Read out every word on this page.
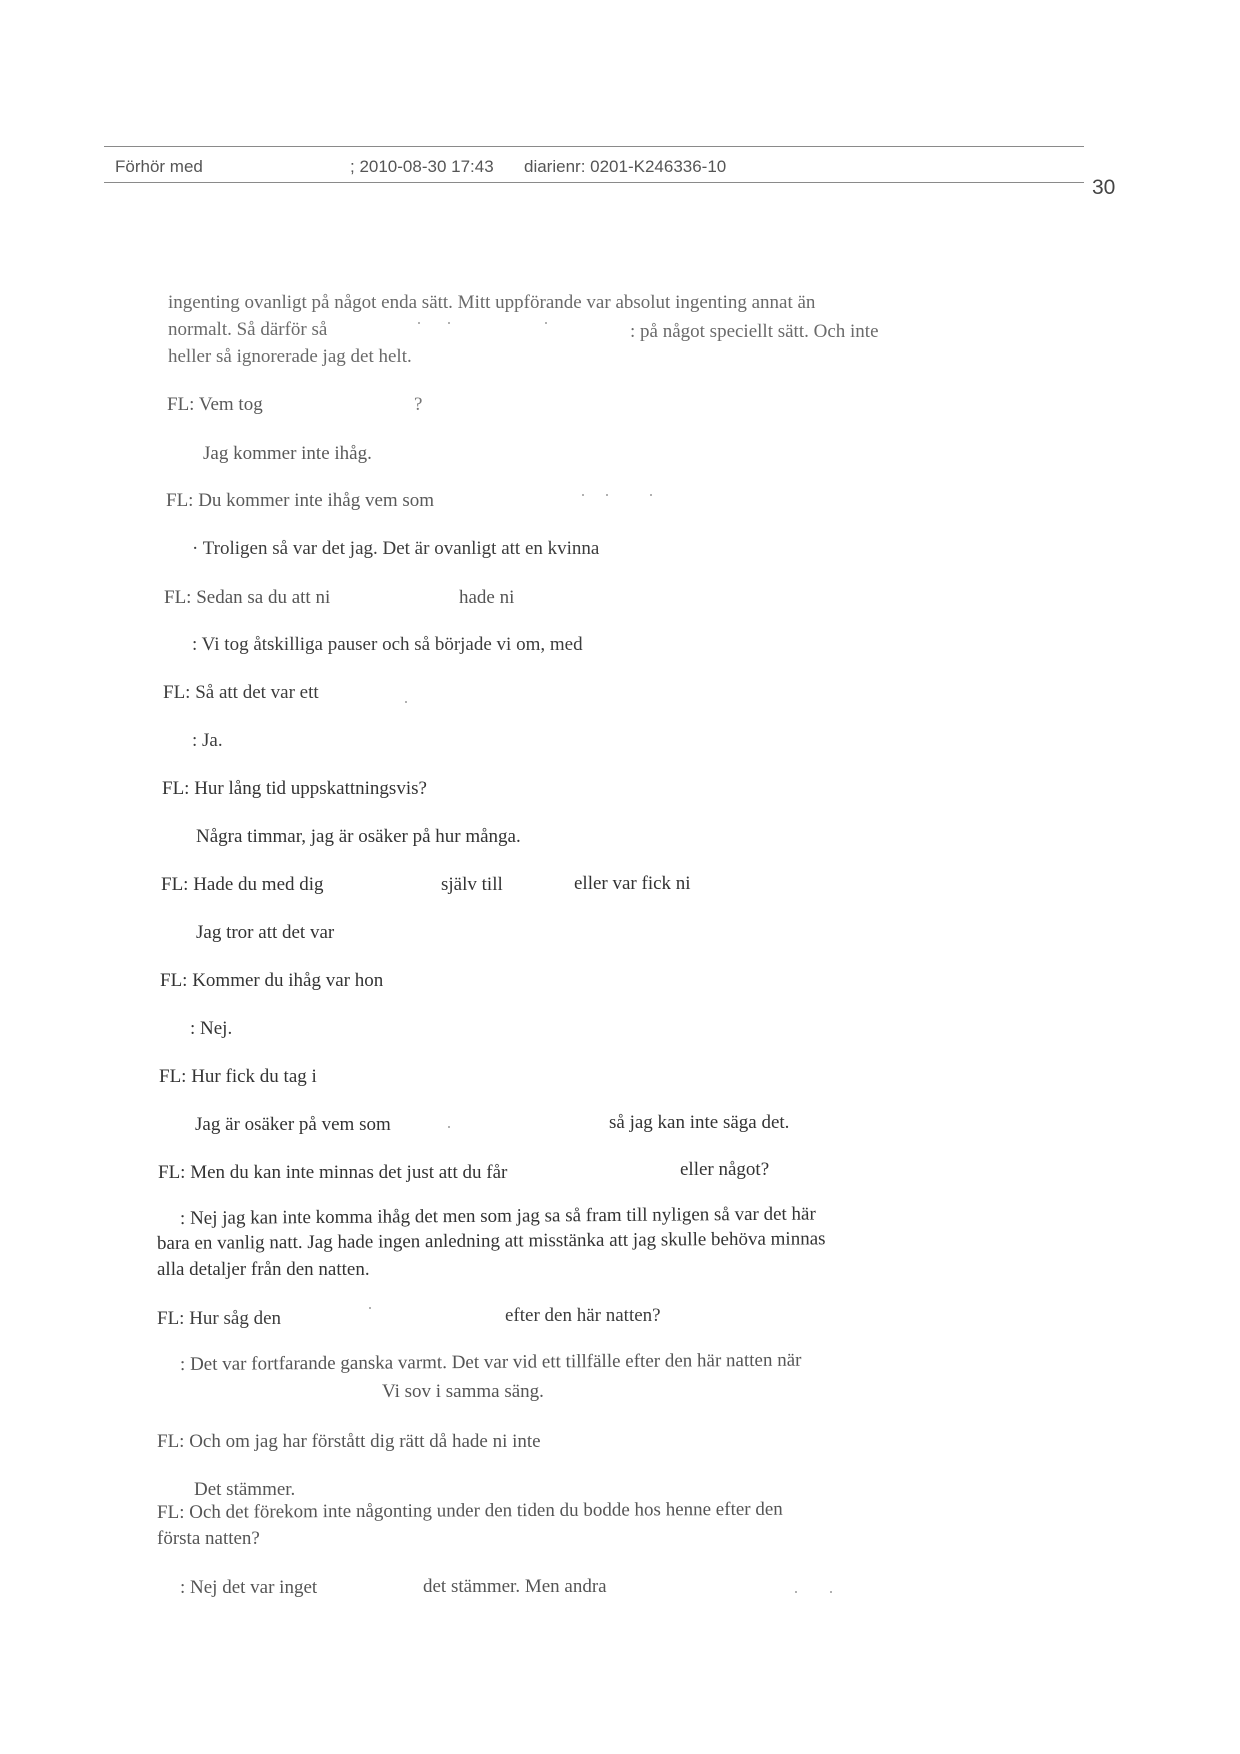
Förhör med	; 2010-08-30 17:43 diarienr: 0201-K246336-10
30
ingenting ovanligt på något enda sätt. Mitt uppförande var absolut ingenting annat än
normalt. Så därför så	: på något speciellt sätt. Och inte
heller så ignorerade jag det helt.
FL: Vem tog	?
Jag kommer inte ihåg.
FL: Du kommer inte ihåg vem som
· Troligen så var det jag. Det är ovanligt att en kvinna
FL: Sedan sa du att ni	hade ni
: Vi tog åtskilliga pauser och så började vi om, med
FL: Så att det var ett
: Ja.
FL: Hur lång tid uppskattningsvis?
Några timmar, jag är osäker på hur många.
FL: Hade du med dig	själv till	eller var fick ni
Jag tror att det var
FL: Kommer du ihåg var hon
: Nej.
FL: Hur fick du tag i
Jag är osäker på vem som	så jag kan inte säga det.
FL: Men du kan inte minnas det just att du får	eller något?
: Nej jag kan inte komma ihåg det men som jag sa så fram till nyligen så var det här
bara en vanlig natt. Jag hade ingen anledning att misstänka att jag skulle behöva minnas
alla detaljer från den natten.
FL: Hur såg den	efter den här natten?
: Det var fortfarande ganska varmt. Det var vid ett tillfälle efter den här natten när
Vi sov i samma säng.
FL: Och om jag har förstått dig rätt då hade ni inte
Det stämmer.
FL: Och det förekom inte någonting under den tiden du bodde hos henne efter den
första natten?
: Nej det var inget	det stämmer. Men andra
